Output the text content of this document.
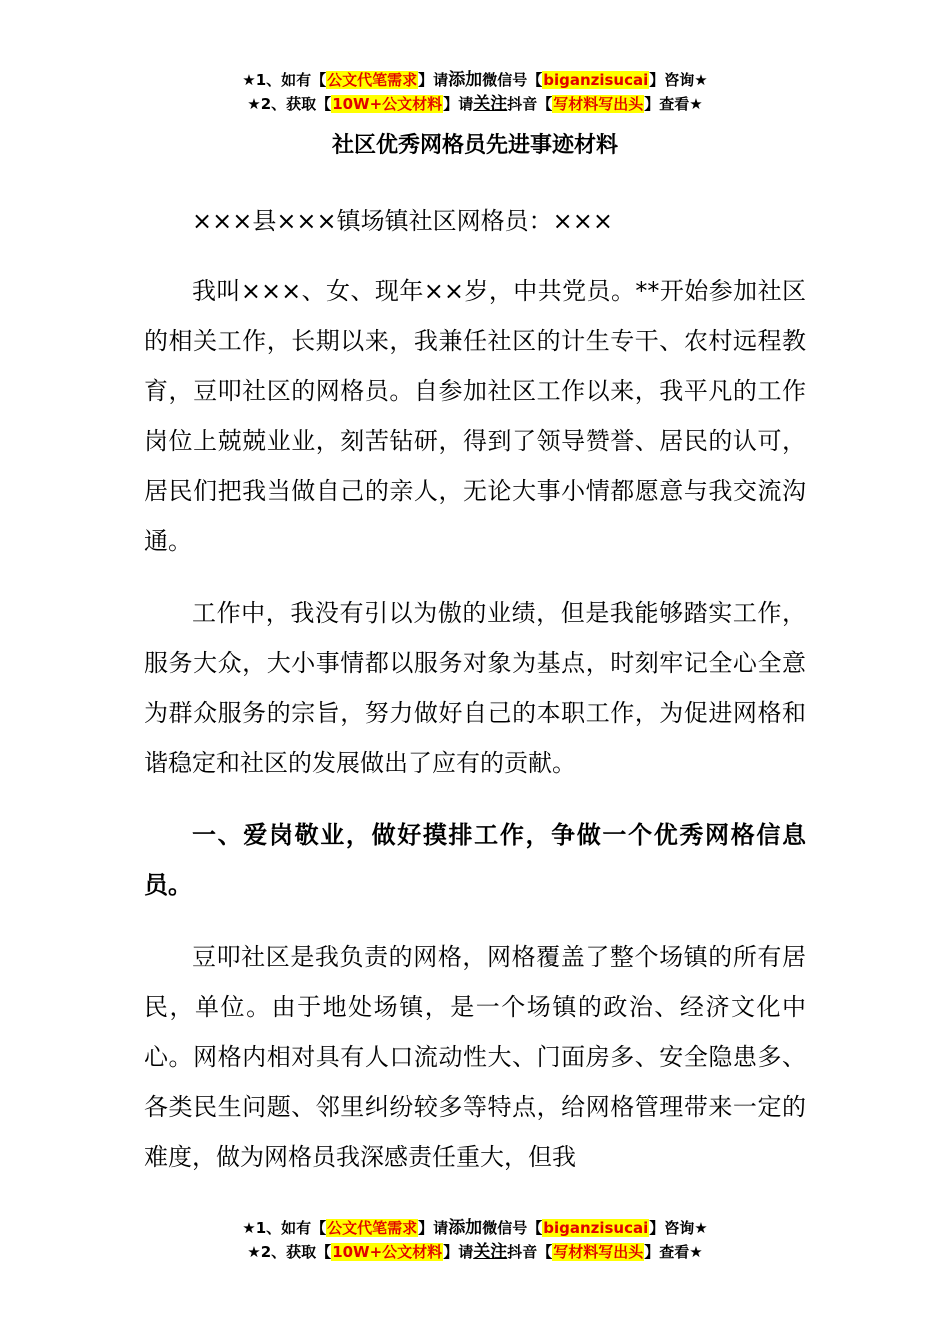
★1、如有【公文代笔需求】请添加微信号【biganzisucai】咨询★
★2、获取【10W+公文材料】请关注抖音【写材料写出头】查看★
社区优秀网格员先进事迹材料

×××县×××镇场镇社区网格员：×××

我叫×××、女、现年××岁，中共党员。**开始参加社区的相关工作，长期以来，我兼任社区的计生专干、农村远程教育，豆叩社区的网格员。自参加社区工作以来，我平凡的工作岗位上兢兢业业，刻苦钻研，得到了领导赞誉、居民的认可，居民们把我当做自己的亲人，无论大事小情都愿意与我交流沟通。

工作中，我没有引以为傲的业绩，但是我能够踏实工作，服务大众，大小事情都以服务对象为基点，时刻牢记全心全意为群众服务的宗旨，努力做好自己的本职工作，为促进网格和谐稳定和社区的发展做出了应有的贡献。

一、爱岗敬业，做好摸排工作，争做一个优秀网格信息员。

豆叩社区是我负责的网格，网格覆盖了整个场镇的所有居民，单位。由于地处场镇，是一个场镇的政治、经济文化中心。网格内相对具有人口流动性大、门面房多、安全隐患多、各类民生问题、邻里纠纷较多等特点，给网格管理带来一定的难度，做为网格员我深感责任重大，但我

★1、如有【公文代笔需求】请添加微信号【biganzisucai】咨询★
★2、获取【10W+公文材料】请关注抖音【写材料写出头】查看★
